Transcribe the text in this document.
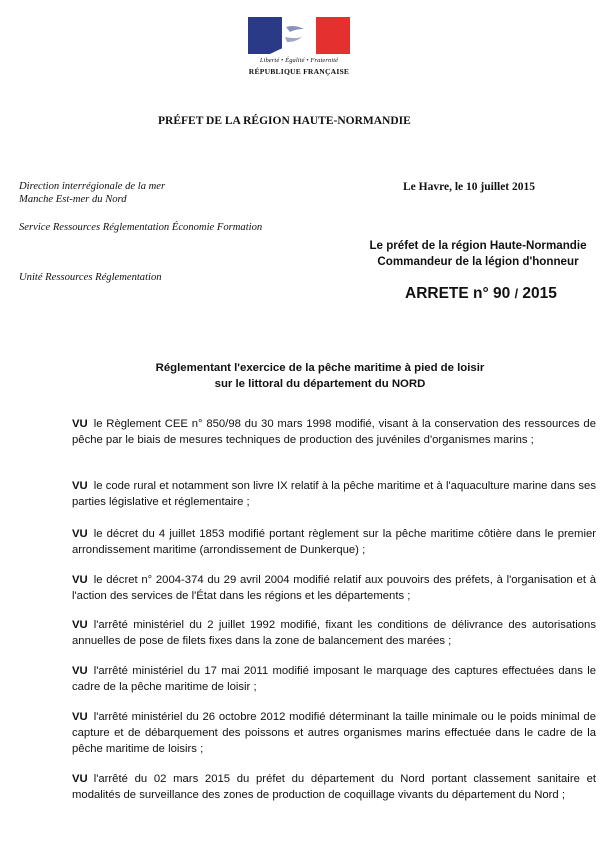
Liberté • Égalité • Fraternité
RÉPUBLIQUE FRANÇAISE
PRÉFET DE LA RÉGION HAUTE-NORMANDIE
Direction interrégionale de la mer
Manche Est-mer du Nord
Service Ressources Réglementation Économie Formation
Unité Ressources Réglementation
Le Havre, le 10 juillet 2015
Le préfet de la région Haute-Normandie
Commandeur de la légion d'honneur
ARRETE n° 90 / 2015
Réglementant l'exercice de la pêche maritime à pied de loisir
sur le littoral du département du NORD
VU le Règlement CEE n° 850/98 du 30 mars 1998 modifié, visant à la conservation des ressources de pêche par le biais de mesures techniques de production des juvéniles d'organismes marins ;
VU le code rural et notamment son livre IX relatif à la pêche maritime et à l'aquaculture marine dans ses parties législative et réglementaire ;
VU le décret du 4 juillet 1853 modifié portant règlement sur la pêche maritime côtière dans le premier arrondissement maritime (arrondissement de Dunkerque) ;
VU le décret n° 2004-374 du 29 avril 2004 modifié relatif aux pouvoirs des préfets, à l'organisation et à l'action des services de l'État dans les régions et les départements ;
VU l'arrêté ministériel du 2 juillet 1992 modifié, fixant les conditions de délivrance des autorisations annuelles de pose de filets fixes dans la zone de balancement des marées ;
VU l'arrêté ministériel du 17 mai 2011 modifié imposant le marquage des captures effectuées dans le cadre de la pêche maritime de loisir ;
VU l'arrêté ministériel du 26 octobre 2012 modifié déterminant la taille minimale ou le poids minimal de capture et de débarquement des poissons et autres organismes marins effectuée dans le cadre de la pêche maritime de loisirs ;
VU l'arrêté du 02 mars 2015 du préfet du département du Nord portant classement sanitaire et modalités de surveillance des zones de production de coquillage vivants du département du Nord ;
